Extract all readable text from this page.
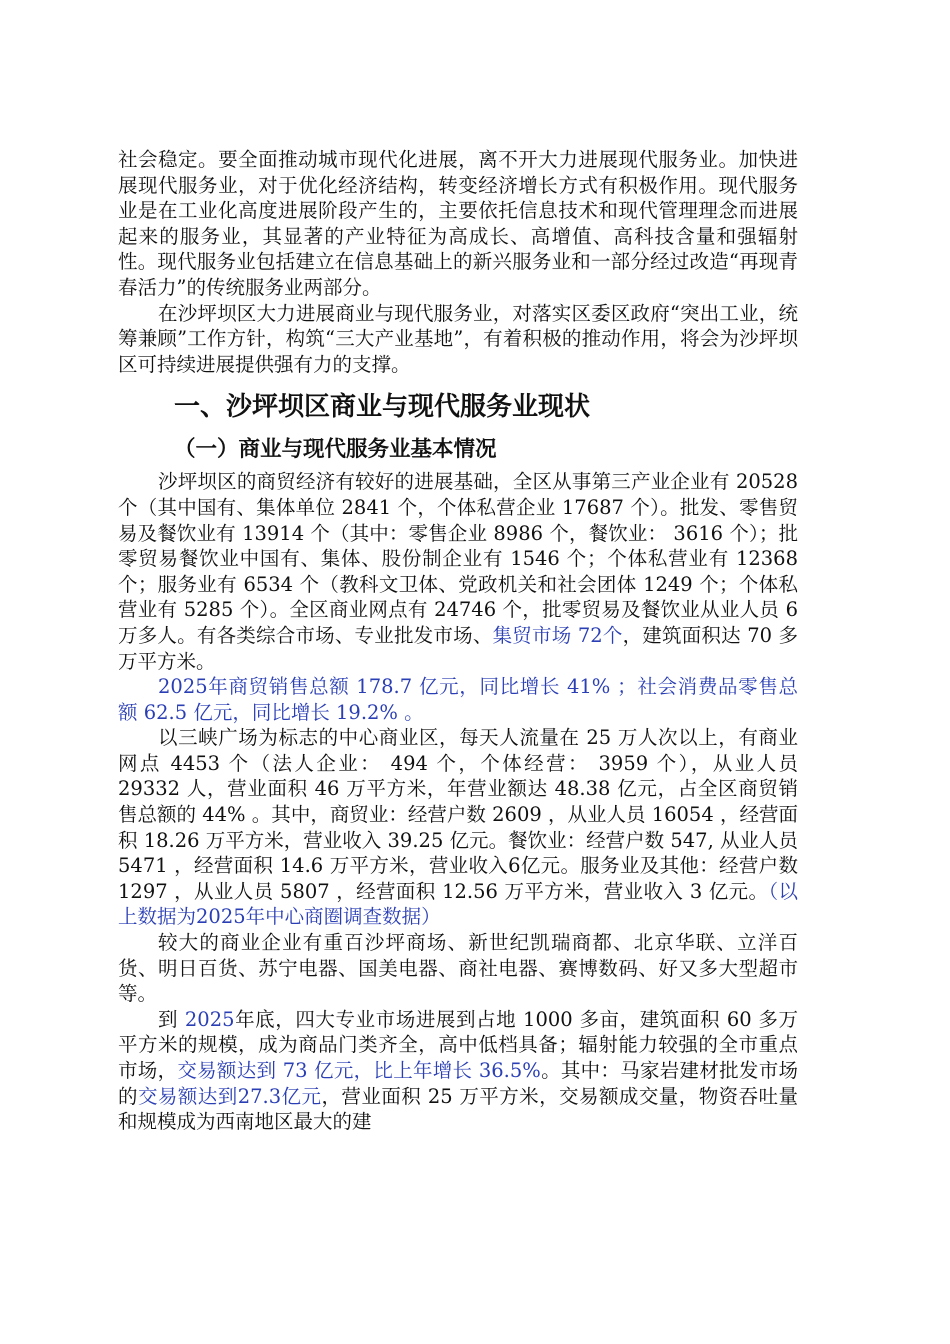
社会稳定。要全面推动城市现代化进展，离不开大力进展现代服务业。加快进展现代服务业，对于优化经济结构，转变经济增长方式有积极作用。现代服务业是在工业化高度进展阶段产生的，主要依托信息技术和现代管理理念而进展起来的服务业，其显著的产业特征为高成长、高增值、高科技含量和强辐射性。现代服务业包括建立在信息基础上的新兴服务业和一部分经过改造“再现青春活力”的传统服务业两部分。

在沙坪坝区大力进展商业与现代服务业，对落实区委区政府“突出工业，统筹兼顾”工作方针，构筑“三大产业基地”，有着积极的推动作用，将会为沙坪坝区可持续进展提供强有力的支撑。

一、沙坪坝区商业与现代服务业现状
（一）商业与现代服务业基本情况

沙坪坝区的商贸经济有较好的进展基础，全区从事第三产业企业有 20528 个（其中国有、集体单位 2841 个，个体私营企业 17687 个）。批发、零售贸易及餐饮业有 13914 个（其中：零售企业 8986 个，餐饮业： 3616 个）；批零贸易餐饮业中国有、集体、股份制企业有 1546 个；个体私营业有 12368 个；服务业有 6534 个（教科文卫体、党政机关和社会团体 1249 个；个体私营业有 5285 个）。全区商业网点有 24746 个，批零贸易及餐饮业从业人员 6 万多人。有各类综合市场、专业批发市场、集贸市场 72个，建筑面积达 70 多万平方米。

2025年商贸销售总额 178.7 亿元，同比增长 41% ；社会消费品零售总额 62.5 亿元，同比增长 19.2% 。

以三峡广场为标志的中心商业区，每天人流量在 25 万人次以上，有商业网点 4453 个（法人企业： 494 个，个体经营： 3959 个），从业人员 29332 人，营业面积 46 万平方米，年营业额达 48.38 亿元，占全区商贸销售总额的 44% 。其中，商贸业：经营户数 2609 ，从业人员 16054 ，经营面积 18.26 万平方米，营业收入 39.25 亿元。餐饮业：经营户数 547, 从业人员 5471 ，经营面积 14.6 万平方米，营业收入6亿元。服务业及其他：经营户数 1297 ，从业人员 5807 ，经营面积 12.56 万平方米，营业收入 3 亿元。（以上数据为2025年中心商圈调查数据）

较大的商业企业有重百沙坪商场、新世纪凯瑞商都、北京华联、立洋百货、明日百货、苏宁电器、国美电器、商社电器、赛博数码、好又多大型超市等。

到 2025年底，四大专业市场进展到占地 1000 多亩，建筑面积 60 多万平方米的规模，成为商品门类齐全，高中低档具备；辐射能力较强的全市重点市场，交易额达到 73 亿元，比上年增长 36.5%。其中：马家岩建材批发市场的交易额达到27.3亿元，营业面积 25 万平方米，交易额成交量，物资吞吐量和规模成为西南地区最大的建
